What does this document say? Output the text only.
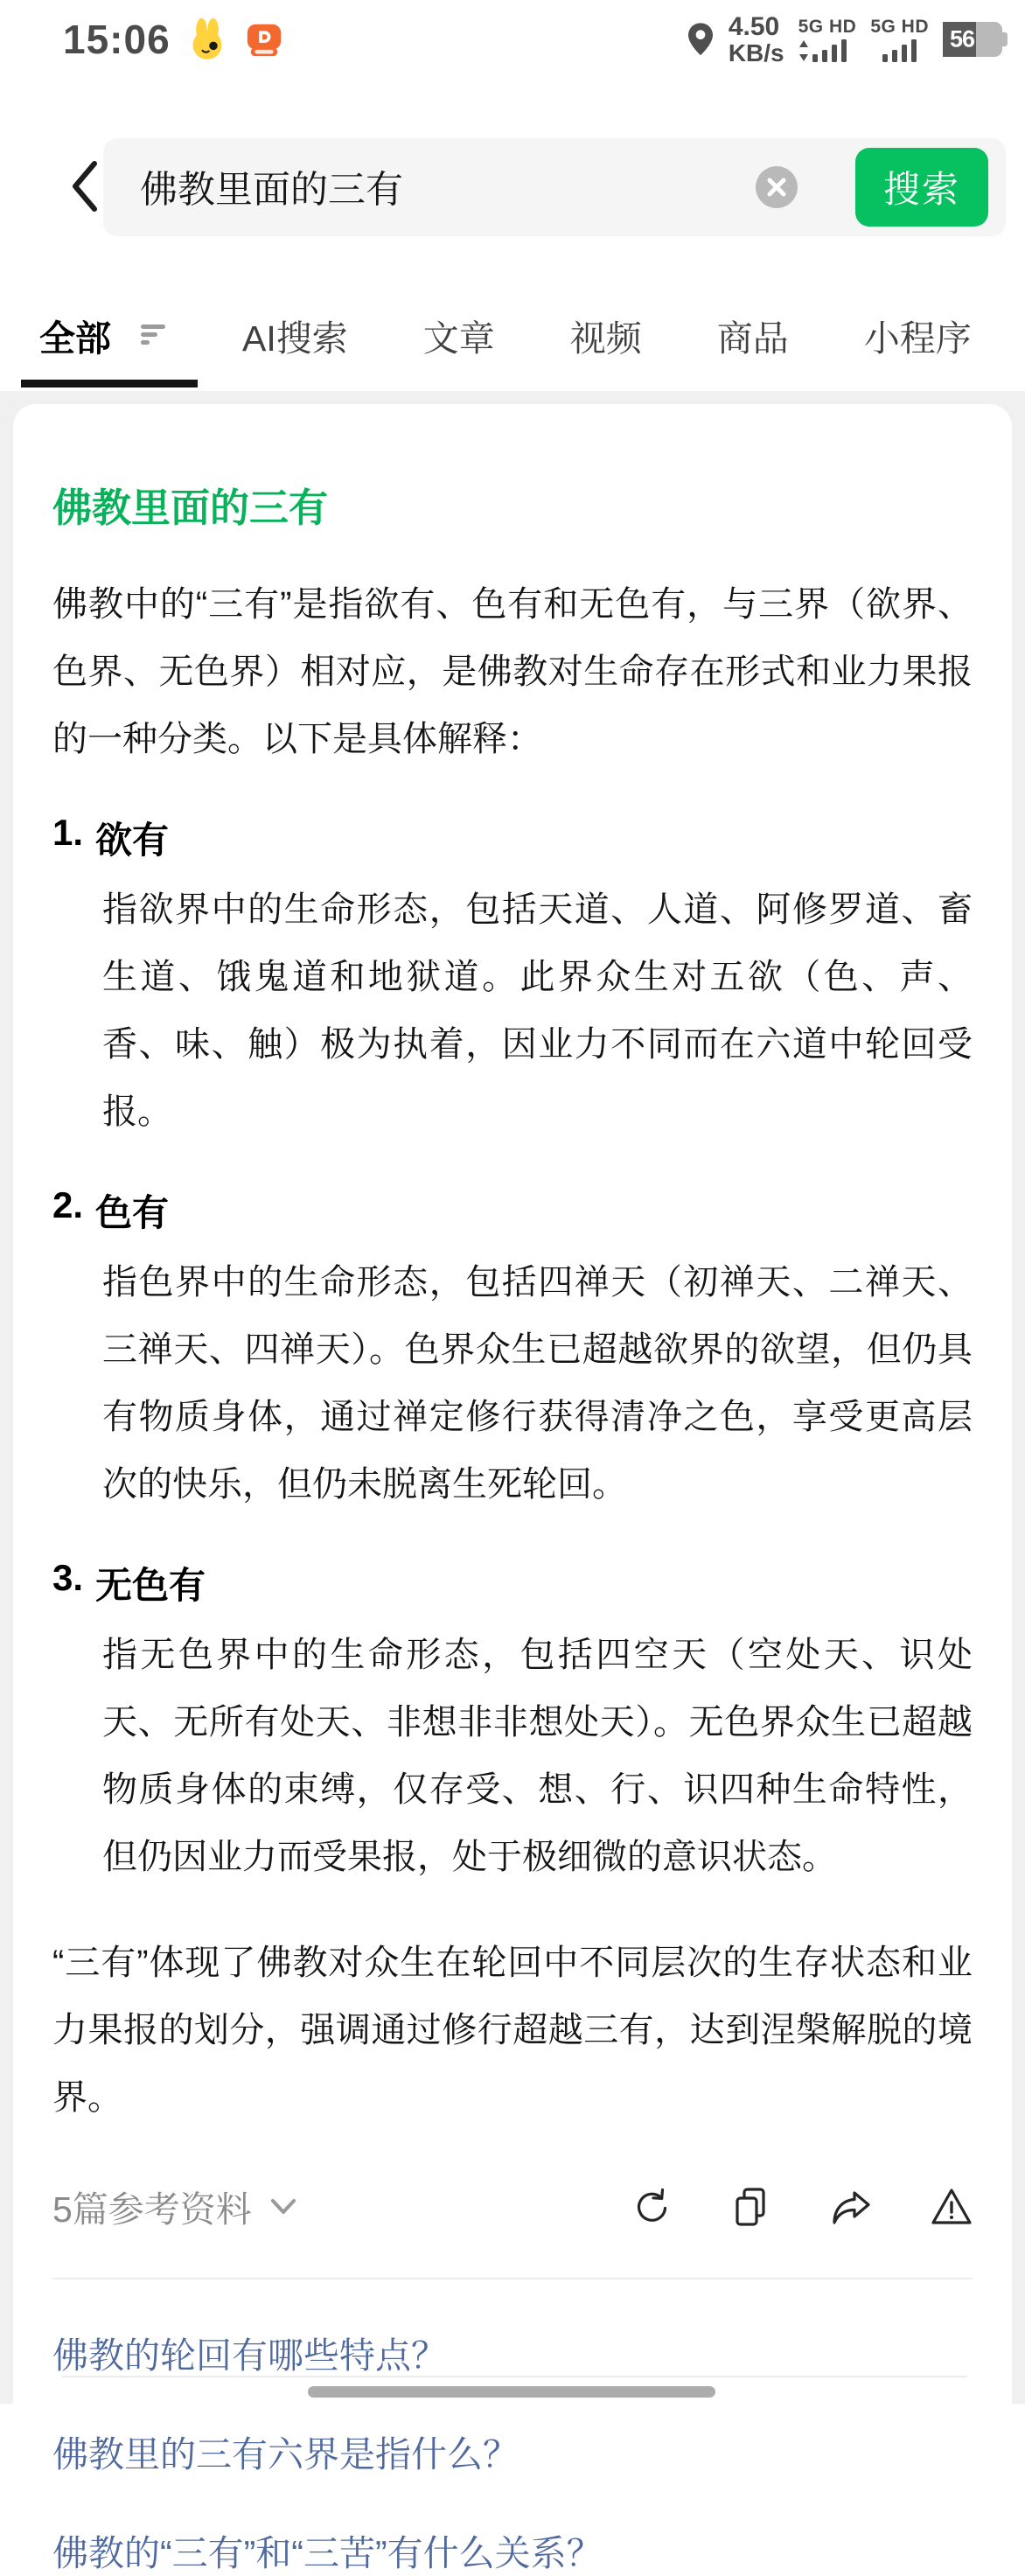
15:06	4.50
KB/s
5G HD 5G HD 56
佛教里面的三有	搜索
全部	AI搜索 文章 视频 商品 小程序
佛教里面的三有

佛教中的“三有”是指欲有、色有和无色有，与三界（欲界、色界、无色界）相对应，是佛教对生命存在形式和业力果报的一种分类。以下是具体解释：

1. 欲有

指欲界中的生命形态，包括天道、人道、阿修罗道、畜生道、饿鬼道和地狱道。此界众生对五欲（色、声、香、味、触）极为执着，因业力不同而在六道中轮回受报。

2. 色有

指色界中的生命形态，包括四禅天（初禅天、二禅天、三禅天、四禅天）。色界众生已超越欲界的欲望，但仍具有物质身体，通过禅定修行获得清净之色，享受更高层次的快乐，但仍未脱离生死轮回。

3. 无色有

指无色界中的生命形态，包括四空天（空处天、识处天、无所有处天、非想非非想处天）。无色界众生已超越物质身体的束缚，仅存受、想、行、识四种生命特性，但仍因业力而受果报，处于极细微的意识状态。

“三有”体现了佛教对众生在轮回中不同层次的生存状态和业力果报的划分，强调通过修行超越三有，达到涅槃解脱的境界。

5篇参考资料
佛教的轮回有哪些特点？
佛教里的三有六界是指什么？
佛教的“三有”和“三苦”有什么关系？
